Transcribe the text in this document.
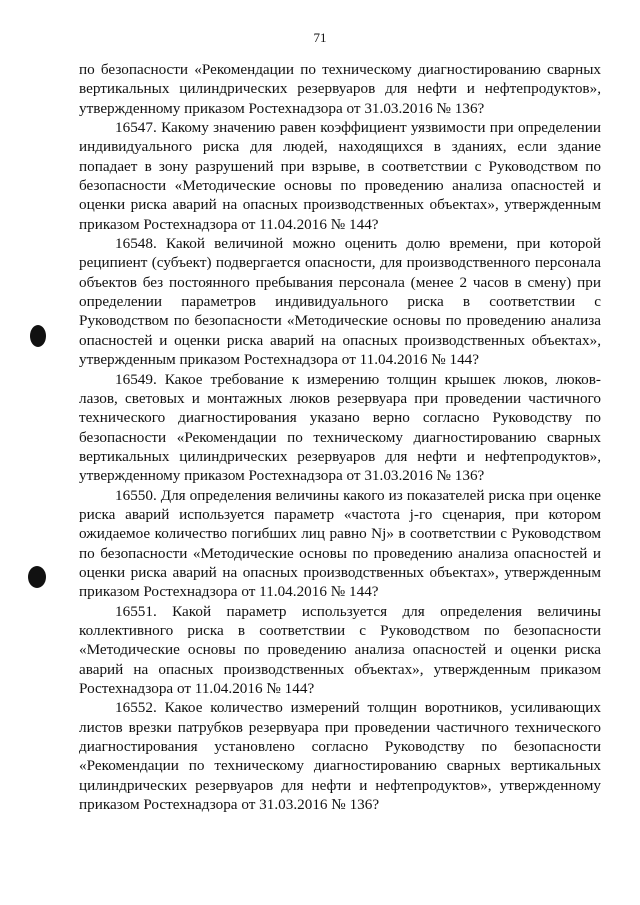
71

по безопасности «Рекомендации по техническому диагностированию сварных вертикальных цилиндрических резервуаров для нефти и нефтепродуктов», утвержденному приказом Ростехнадзора от 31.03.2016 № 136?

16547. Какому значению равен коэффициент уязвимости при определении индивидуального риска для людей, находящихся в зданиях, если здание попадает в зону разрушений при взрыве, в соответствии с Руководством по безопасности «Методические основы по проведению анализа опасностей и оценки риска аварий на опасных производственных объектах», утвержденным приказом Ростехнадзора от 11.04.2016 № 144?

16548. Какой величиной можно оценить долю времени, при которой реципиент (субъект) подвергается опасности, для производственного персонала объектов без постоянного пребывания персонала (менее 2 часов в смену) при определении параметров индивидуального риска в соответствии с Руководством по безопасности «Методические основы по проведению анализа опасностей и оценки риска аварий на опасных производственных объектах», утвержденным приказом Ростехнадзора от 11.04.2016 № 144?

16549. Какое требование к измерению толщин крышек люков, люков-лазов, световых и монтажных люков резервуара при проведении частичного технического диагностирования указано верно согласно Руководству по безопасности «Рекомендации по техническому диагностированию сварных вертикальных цилиндрических резервуаров для нефти и нефтепродуктов», утвержденному приказом Ростехнадзора от 31.03.2016 № 136?

16550. Для определения величины какого из показателей риска при оценке риска аварий используется параметр «частота j-го сценария, при котором ожидаемое количество погибших лиц равно Nj» в соответствии с Руководством по безопасности «Методические основы по проведению анализа опасностей и оценки риска аварий на опасных производственных объектах», утвержденным приказом Ростехнадзора от 11.04.2016 № 144?

16551. Какой параметр используется для определения величины коллективного риска в соответствии с Руководством по безопасности «Методические основы по проведению анализа опасностей и оценки риска аварий на опасных производственных объектах», утвержденным приказом Ростехнадзора от 11.04.2016 № 144?

16552. Какое количество измерений толщин воротников, усиливающих листов врезки патрубков резервуара при проведении частичного технического диагностирования установлено согласно Руководству по безопасности «Рекомендации по техническому диагностированию сварных вертикальных цилиндрических резервуаров для нефти и нефтепродуктов», утвержденному приказом Ростехнадзора от 31.03.2016 № 136?
